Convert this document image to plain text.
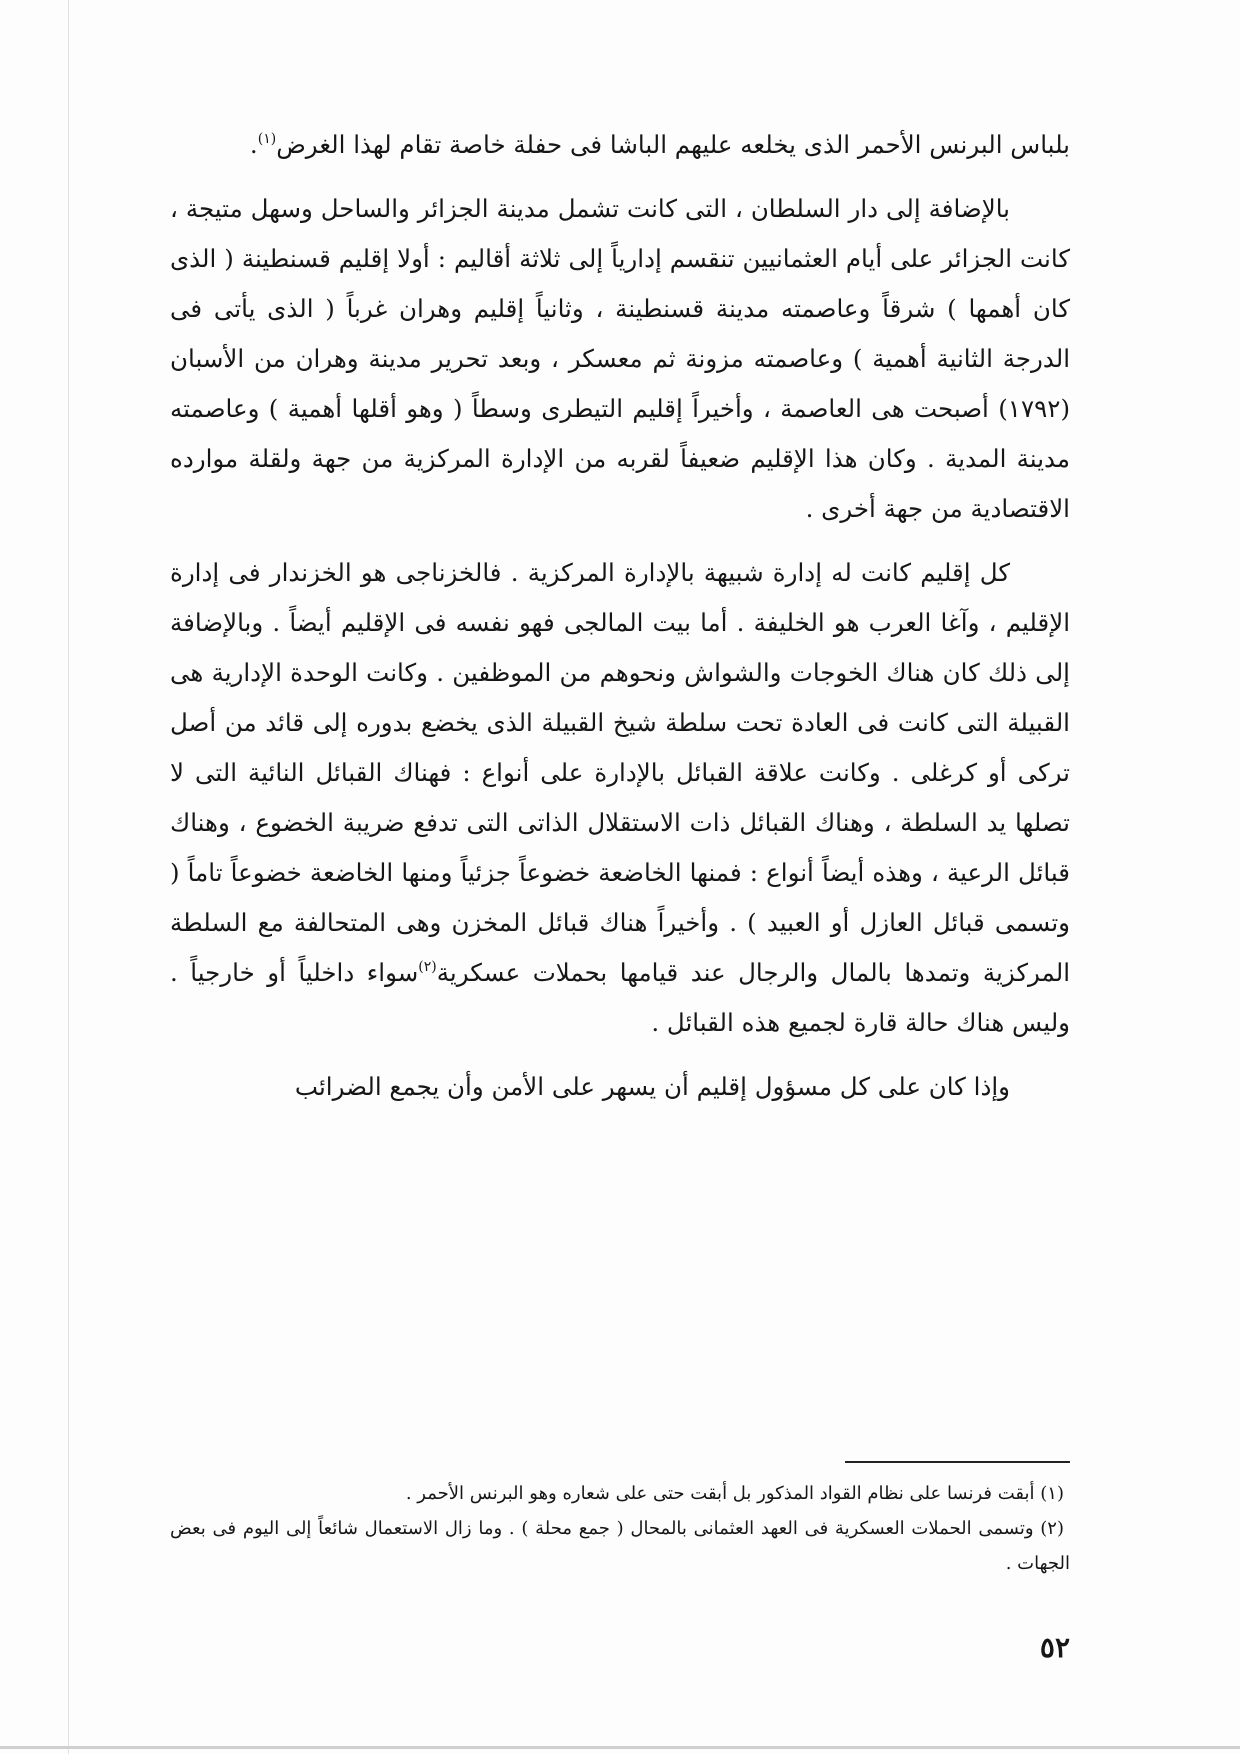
بلباس البرنس الأحمر الذى يخلعه عليهم الباشا فى حفلة خاصة تقام لهذا الغرض$^{(١)}$.

بالإضافة إلى دار السلطان ، التى كانت تشمل مدينة الجزائر والساحل وسهل متيجة ، كانت الجزائر على أيام العثمانيين تنقسم إدارياً إلى ثلاثة أقاليم : أولا إقليم قسنطينة ( الذى كان أهمها ) شرقاً وعاصمته مدينة قسنطينة ، وثانياً إقليم وهران غرباً ( الذى يأتى فى الدرجة الثانية أهمية ) وعاصمته مزونة ثم معسكر ، وبعد تحرير مدينة وهران من الأسبان (١٧٩٢) أصبحت هى العاصمة ، وأخيراً إقليم التيطرى وسطاً ( وهو أقلها أهمية ) وعاصمته مدينة المدية . وكان هذا الإقليم ضعيفاً لقربه من الإدارة المركزية من جهة ولقلة موارده الاقتصادية من جهة أخرى .

كل إقليم كانت له إدارة شبيهة بالإدارة المركزية . فالخزناجى هو الخزندار فى إدارة الإقليم ، وآغا العرب هو الخليفة . أما بيت المالجى فهو نفسه فى الإقليم أيضاً . وبالإضافة إلى ذلك كان هناك الخوجات والشواش ونحوهم من الموظفين . وكانت الوحدة الإدارية هى القبيلة التى كانت فى العادة تحت سلطة شيخ القبيلة الذى يخضع بدوره إلى قائد من أصل تركى أو كرغلى . وكانت علاقة القبائل بالإدارة على أنواع : فهناك القبائل النائية التى لا تصلها يد السلطة ، وهناك القبائل ذات الاستقلال الذاتى التى تدفع ضريبة الخضوع ، وهناك قبائل الرعية ، وهذه أيضاً أنواع : فمنها الخاضعة خضوعاً جزئياً ومنها الخاضعة خضوعاً تاماً ( وتسمى قبائل العازل أو العبيد ) . وأخيراً هناك قبائل المخزن وهى المتحالفة مع السلطة المركزية وتمدها بالمال والرجال عند قيامها بحملات عسكرية$^{(٢)}$سواء داخلياً أو خارجياً . وليس هناك حالة قارة لجميع هذه القبائل .

وإذا كان على كل مسؤول إقليم أن يسهر على الأمن وأن يجمع الضرائب

(١) أبقت فرنسا على نظام القواد المذكور بل أبقت حتى على شعاره وهو البرنس الأحمر .

(٢) وتسمى الحملات العسكرية فى العهد العثمانى بالمحال ( جمع محلة ) . وما زال الاستعمال شائعاً إلى اليوم فى بعض الجهات .

٥٢
